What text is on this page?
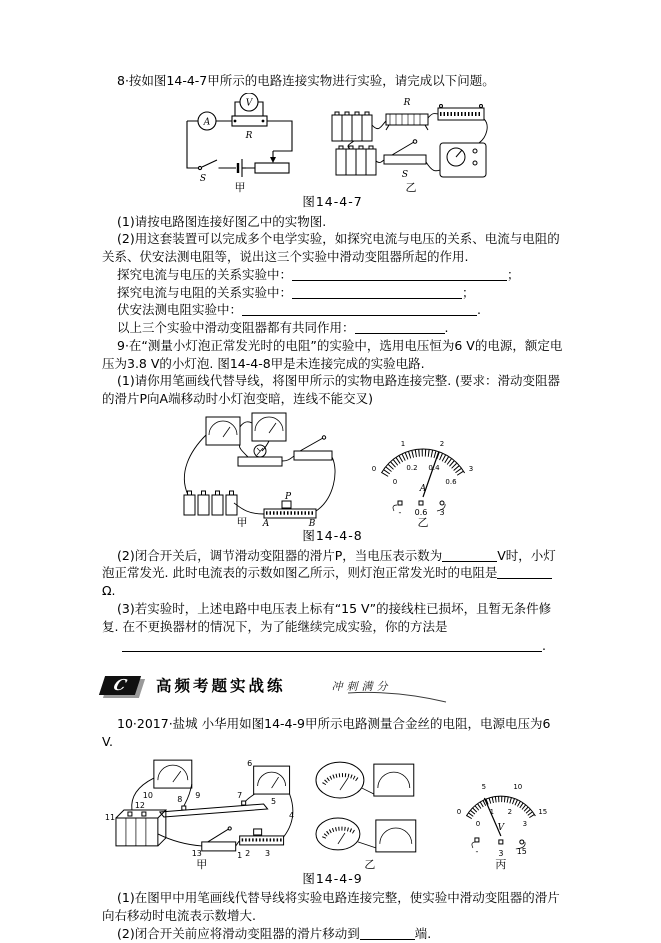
8·按如图14-4-7甲所示的电路连接实物进行实验，请完成以下问题。

A
V
R
S
甲
R
S
乙
图14-4-7

(1)请按电路图连接好图乙中的实物图.

(2)用这套装置可以完成多个电学实验，如探究电流与电压的关系、电流与电阻的关系、伏安法测电阻等，说出这三个实验中滑动变阻器所起的作用.

探究电流与电压的关系实验中：	；

探究电流与电阻的关系实验中：	；

伏安法测电阻实验中：	.

以上三个实验中滑动变阻器都有共同作用：	.

9·在“测量小灯泡正常发光时的电阻”的实验中，选用电压恒为6 V的电源，额定电压为3.8 V的小灯泡. 图14-4-8甲是未连接完成的实验电路.

(1)请你用笔画线代替导线，将图甲所示的实物电路连接完整. (要求：滑动变阻器的滑片P向A端移动时小灯泡变暗，连线不能交叉)

P
A	B
甲
0
1	2
3
0
0.2 0.4
0.6
A
- 0.6 3
乙
图14-4-8

(2)闭合开关后，调节滑动变阻器的滑片P，当电压表示数为	V时，小灯泡正常发光. 此时电流表的示数如图乙所示，则灯泡正常发光时的电阻是Ω.

(3)若实验时，上述电路中电压表上标有“15 V”的接线柱已损坏，且暂无条件修复. 在不更换器材的情况下，为了能继续完成实验，你的方法是

.
C	高频考题实战练	冲刺满分

10·2017·盐城 小华用如图14-4-9甲所示电路测量合金丝的电阻，电源电压为6 V.

10	9
8	7
6
5
4
11
12
13	1 2 3
甲	乙
0
5	10
15
0
1 2
3
V
- 3 15
丙
图14-4-9

(1)在图甲中用笔画线代替导线将实验电路连接完整，使实验中滑动变阻器的滑片向右移动时电流表示数增大.

(2)闭合开关前应将滑动变阻器的滑片移动到	端.
